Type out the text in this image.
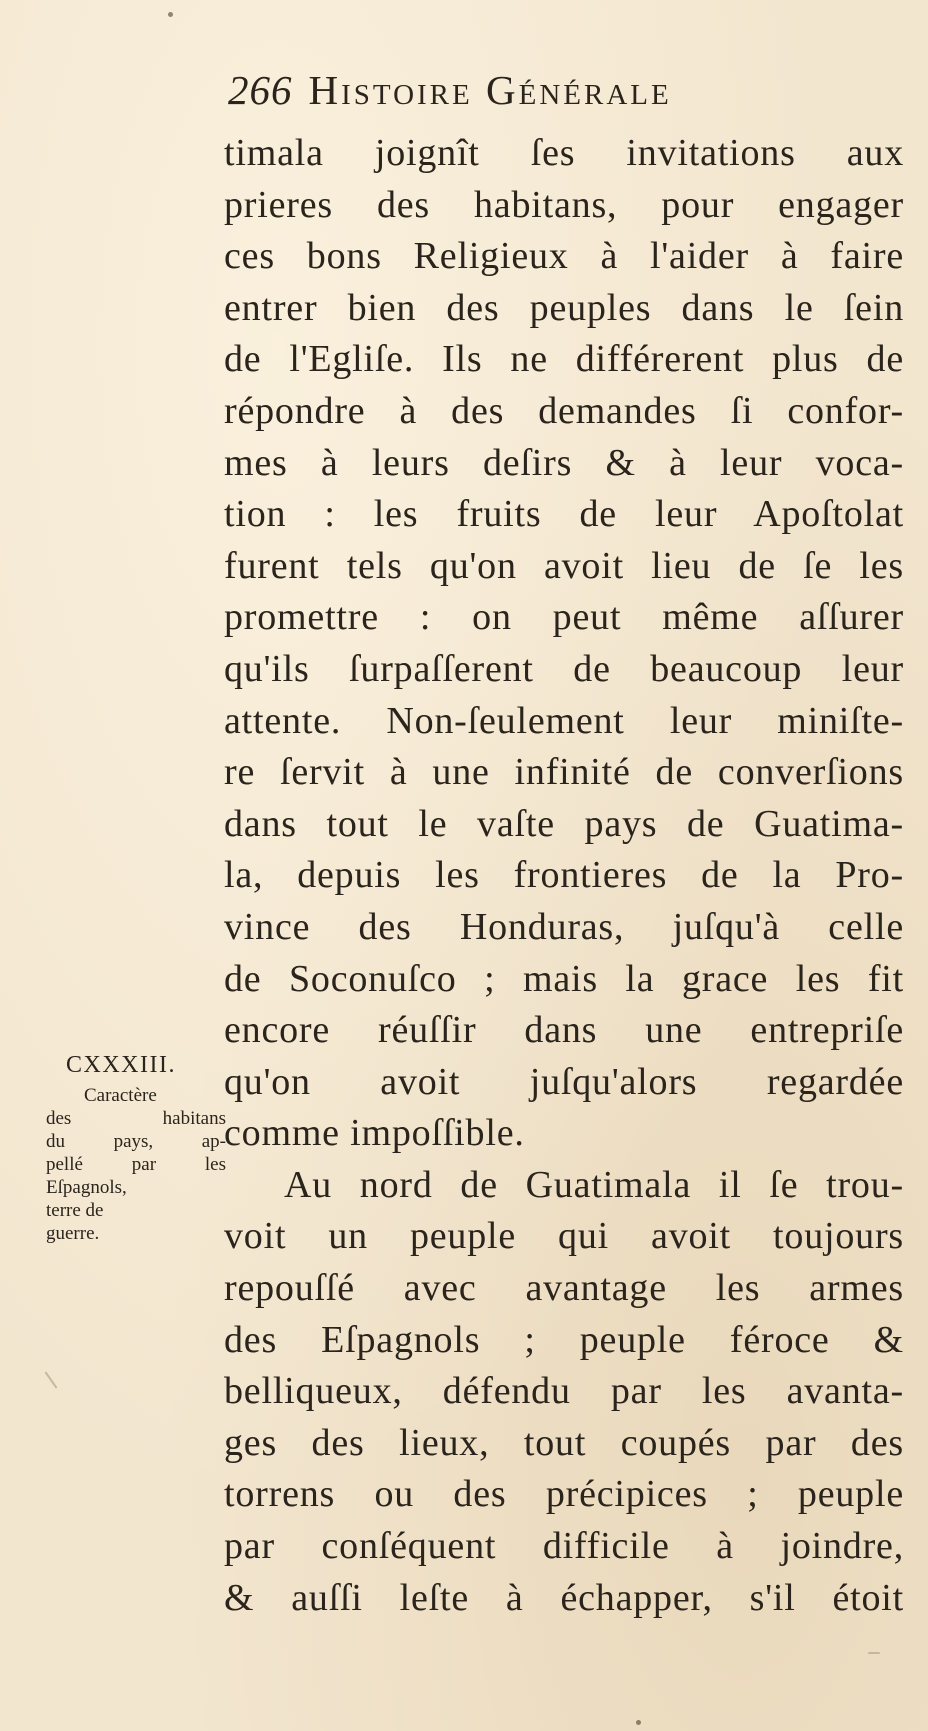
266 Histoire Générale
timala joignît ſes invitations aux
prieres des habitans, pour engager
ces bons Religieux à l'aider à faire
entrer bien des peuples dans le ſein
de l'Egliſe. Ils ne différerent plus de
répondre à des demandes ſi confor-
mes à leurs deſirs & à leur voca-
tion : les fruits de leur Apoſtolat
furent tels qu'on avoit lieu de ſe les
promettre : on peut même aſſurer
qu'ils ſurpaſſerent de beaucoup leur
attente. Non-ſeulement leur miniſte-
re ſervit à une infinité de converſions
dans tout le vaſte pays de Guatima-
la, depuis les frontieres de la Pro-
vince des Honduras, juſqu'à celle
de Soconuſco ; mais la grace les fit
encore réuſſir dans une entrepriſe
qu'on avoit juſqu'alors regardée
comme impoſſible.
Au nord de Guatimala il ſe trou-
voit un peuple qui avoit toujours
repouſſé avec avantage les armes
des Eſpagnols ; peuple féroce &
belliqueux, défendu par les avanta-
ges des lieux, tout coupés par des
torrens ou des précipices ; peuple
par conſéquent difficile à joindre,
& auſſi leſte à échapper, s'il étoit
CXXXIII.
Caractère
des habitans
du pays, ap-
pellé par les
Eſpagnols,
terre de
guerre.
